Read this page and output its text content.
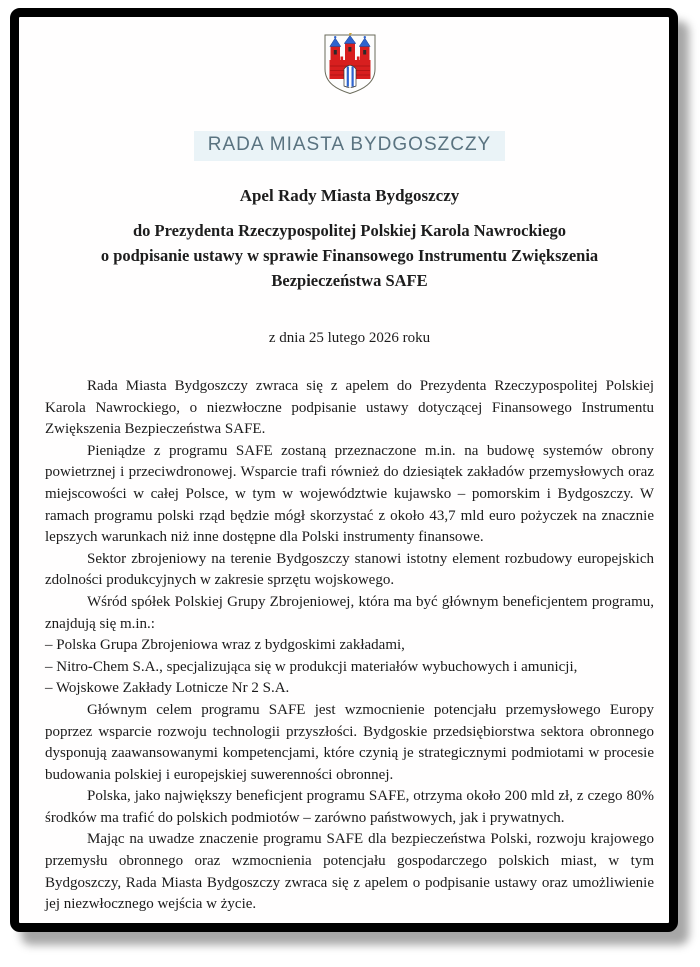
RADA MIASTA BYDGOSZCZY
Apel Rady Miasta Bydgoszczy
do Prezydenta Rzeczypospolitej Polskiej Karola Nawrockiego
o podpisanie ustawy w sprawie Finansowego Instrumentu Zwiększenia
Bezpieczeństwa SAFE
z dnia 25 lutego 2026 roku

Rada Miasta Bydgoszczy zwraca się z apelem do Prezydenta Rzeczypospolitej Polskiej Karola Nawrockiego, o niezwłoczne podpisanie ustawy dotyczącej Finansowego Instrumentu Zwiększenia Bezpieczeństwa SAFE.

Pieniądze z programu SAFE zostaną przeznaczone m.in. na budowę systemów obrony powietrznej i przeciwdronowej. Wsparcie trafi również do dziesiątek zakładów przemysłowych oraz miejscowości w całej Polsce, w tym w województwie kujawsko – pomorskim i Bydgoszczy. W ramach programu polski rząd będzie mógł skorzystać z około 43,7 mld euro pożyczek na znacznie lepszych warunkach niż inne dostępne dla Polski instrumenty finansowe.

Sektor zbrojeniowy na terenie Bydgoszczy stanowi istotny element rozbudowy europejskich zdolności produkcyjnych w zakresie sprzętu wojskowego.

Wśród spółek Polskiej Grupy Zbrojeniowej, która ma być głównym beneficjentem programu, znajdują się m.in.:

– Polska Grupa Zbrojeniowa wraz z bydgoskimi zakładami,

– Nitro-Chem S.A., specjalizująca się w produkcji materiałów wybuchowych i amunicji,

– Wojskowe Zakłady Lotnicze Nr 2 S.A.

Głównym celem programu SAFE jest wzmocnienie potencjału przemysłowego Europy poprzez wsparcie rozwoju technologii przyszłości. Bydgoskie przedsiębiorstwa sektora obronnego dysponują zaawansowanymi kompetencjami, które czynią je strategicznymi podmiotami w procesie budowania polskiej i europejskiej suwerenności obronnej.

Polska, jako największy beneficjent programu SAFE, otrzyma około 200 mld zł, z czego 80% środków ma trafić do polskich podmiotów – zarówno państwowych, jak i prywatnych.

Mając na uwadze znaczenie programu SAFE dla bezpieczeństwa Polski, rozwoju krajowego przemysłu obronnego oraz wzmocnienia potencjału gospodarczego polskich miast, w tym Bydgoszczy, Rada Miasta Bydgoszczy zwraca się z apelem o podpisanie ustawy oraz umożliwienie jej niezwłocznego wejścia w życie.
